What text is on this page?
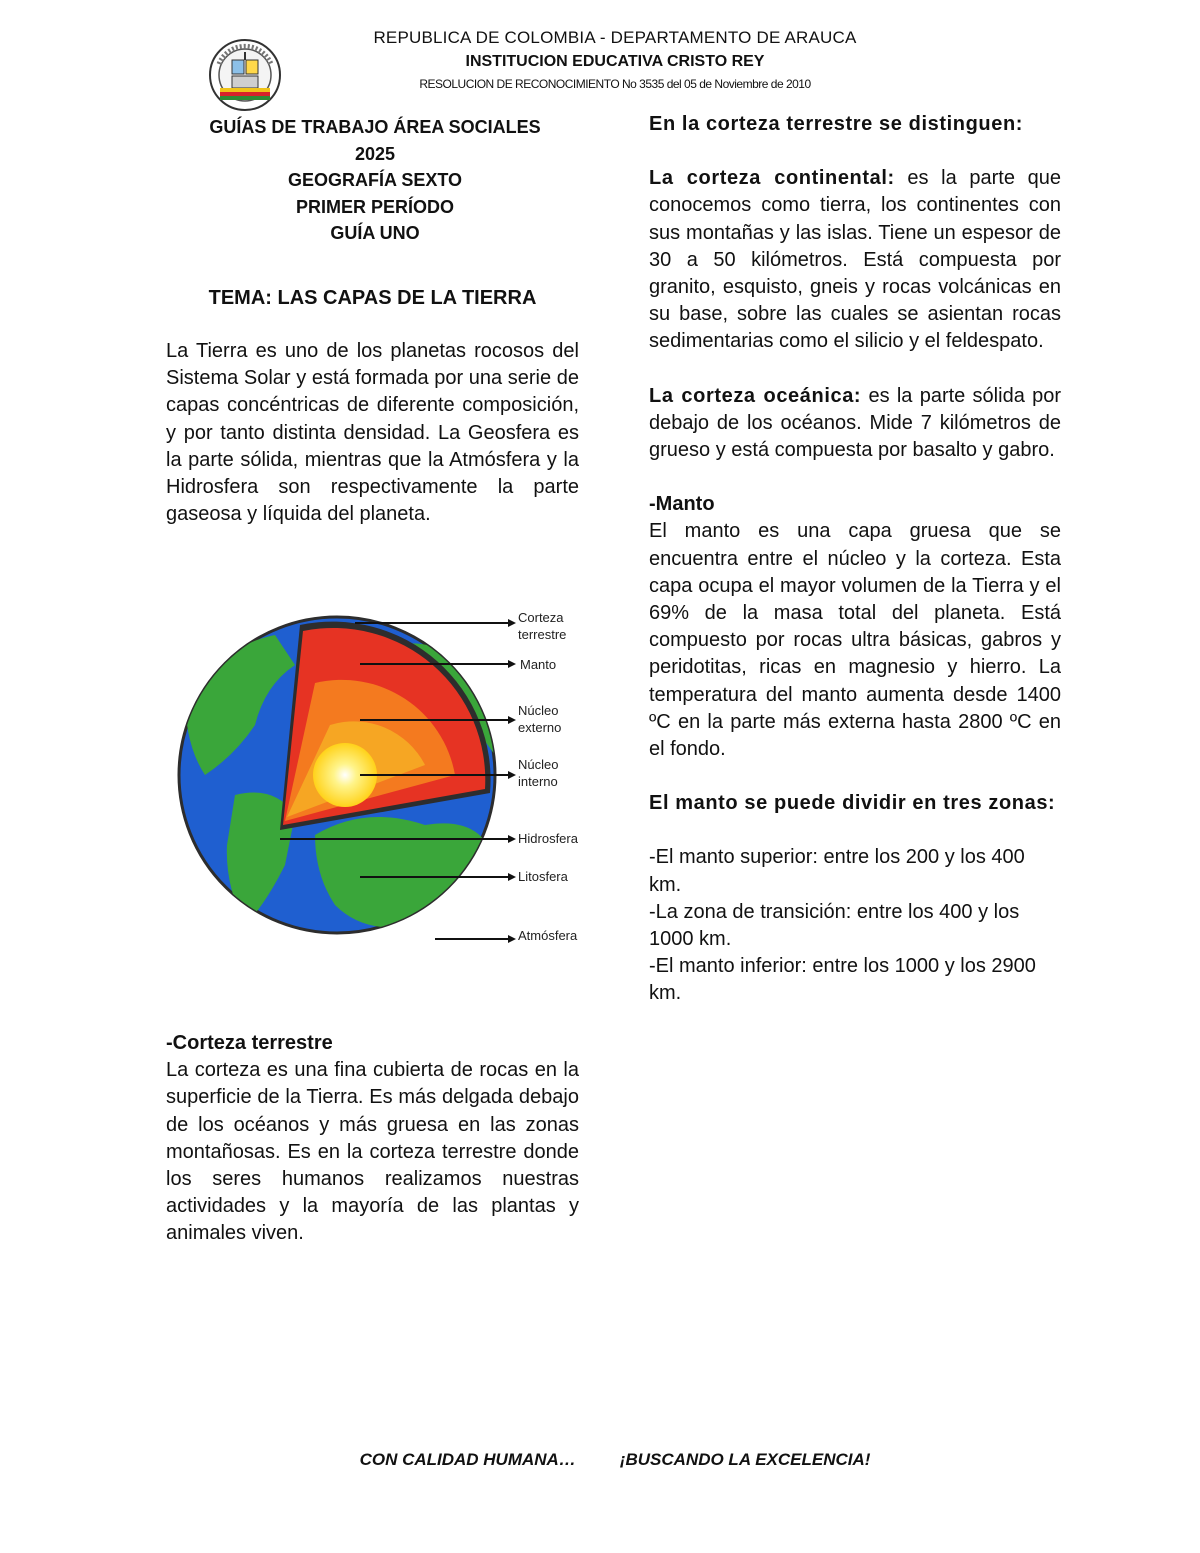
REPUBLICA DE COLOMBIA - DEPARTAMENTO DE ARAUCA
INSTITUCION EDUCATIVA CRISTO REY
RESOLUCION DE RECONOCIMIENTO No 3535 del 05 de Noviembre de 2010
GUÍAS DE TRABAJO ÁREA SOCIALES
2025
GEOGRAFÍA SEXTO
PRIMER PERÍODO
GUÍA UNO
TEMA: LAS CAPAS DE LA TIERRA
La Tierra es uno de los planetas rocosos del Sistema Solar y está formada por una serie de capas concéntricas de diferente composición, y por tanto distinta densidad. La Geosfera es la parte sólida, mientras que la Atmósfera y la Hidrosfera son respectivamente la parte gaseosa y líquida del planeta.
Corteza
terrestre
Manto
Núcleo
externo
Núcleo
interno
Hidrosfera
Litosfera
Atmósfera
-Corteza terrestre
La corteza es una fina cubierta de rocas en la superficie de la Tierra. Es más delgada debajo de los océanos y más gruesa en las zonas montañosas. Es en la corteza terrestre donde los seres humanos realizamos nuestras actividades y la mayoría de las plantas y animales viven.
En la corteza terrestre se distinguen:
La corteza continental: es la parte que conocemos como tierra, los continentes con sus montañas y las islas. Tiene un espesor de 30 a 50 kilómetros. Está compuesta por granito, esquisto, gneis y rocas volcánicas en su base, sobre las cuales se asientan rocas sedimentarias como el silicio y el feldespato.
La corteza oceánica: es la parte sólida por debajo de los océanos. Mide 7 kilómetros de grueso y está compuesta por basalto y gabro.
-Manto
El manto es una capa gruesa que se encuentra entre el núcleo y la corteza. Esta capa ocupa el mayor volumen de la Tierra y el 69% de la masa total del planeta. Está compuesto por rocas ultra básicas, gabros y peridotitas, ricas en magnesio y hierro. La temperatura del manto aumenta desde 1400 ºC en la parte más externa hasta 2800 ºC en el fondo.
El manto se puede dividir en tres zonas:
-El manto superior: entre los 200 y los 400 km.
-La zona de transición: entre los 400 y los 1000 km.
-El manto inferior: entre los 1000 y los 2900 km.
CON CALIDAD HUMANA…	¡BUSCANDO LA EXCELENCIA!
